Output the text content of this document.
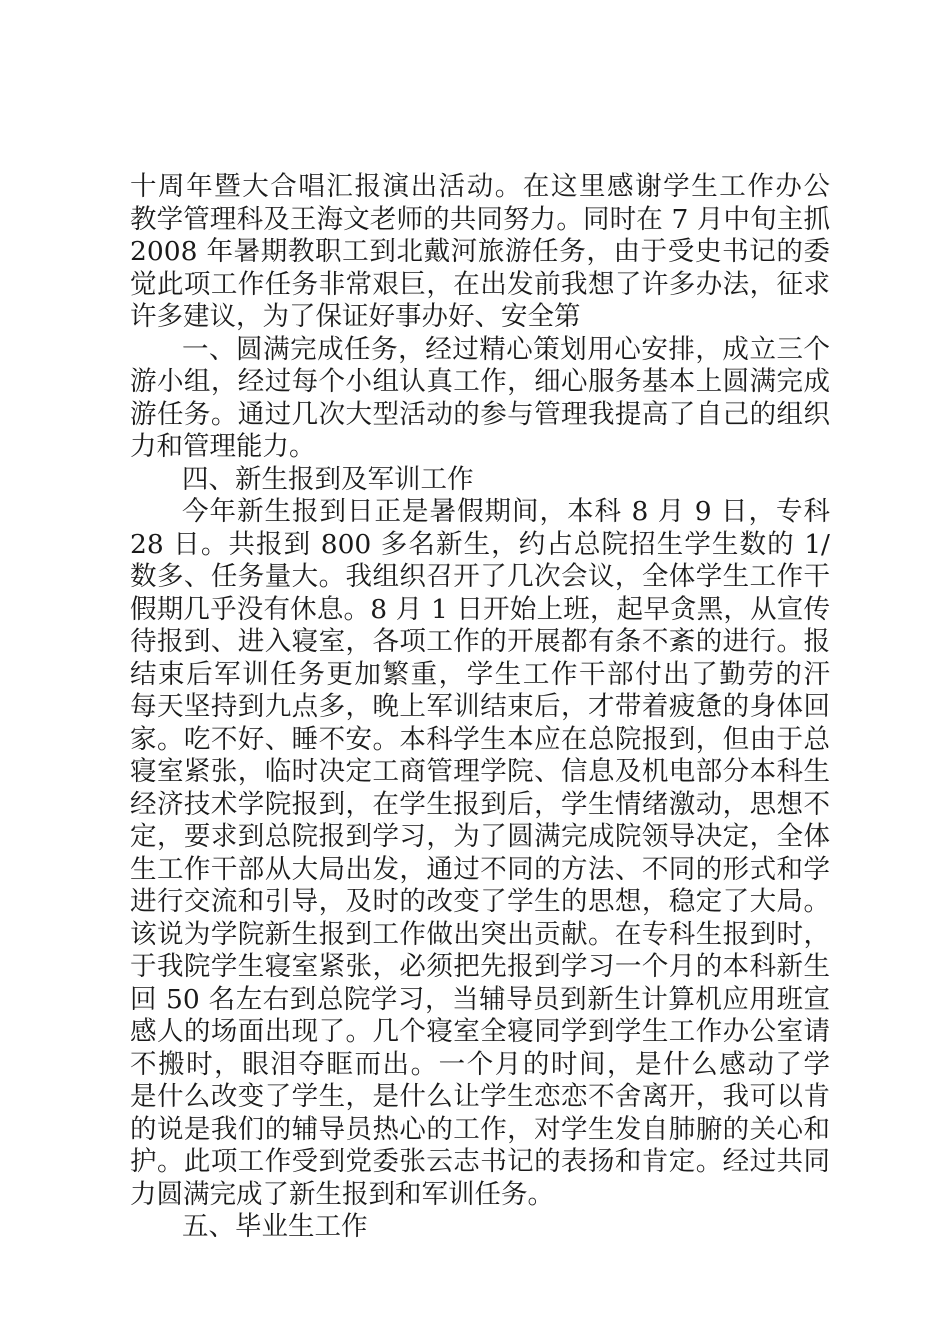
十周年暨大合唱汇报演出活动。在这里感谢学生工作办公
教学管理科及王海文老师的共同努力。同时在 7 月中旬主抓
2008 年暑期教职工到北戴河旅游任务，由于受史书记的委
觉此项工作任务非常艰巨，在出发前我想了许多办法，征求
许多建议，为了保证好事办好、安全第
一、圆满完成任务，经过精心策划用心安排，成立三个
游小组，经过每个小组认真工作，细心服务基本上圆满完成
游任务。通过几次大型活动的参与管理我提高了自己的组织
力和管理能力。
四、新生报到及军训工作
今年新生报到日正是暑假期间，本科 8 月 9 日，专科
28 日。共报到 800 多名新生，约占总院招生学生数的 1/
数多、任务量大。我组织召开了几次会议，全体学生工作干
假期几乎没有休息。8 月 1 日开始上班，起早贪黑，从宣传
待报到、进入寝室，各项工作的开展都有条不紊的进行。报
结束后军训任务更加繁重，学生工作干部付出了勤劳的汗
每天坚持到九点多，晚上军训结束后，才带着疲惫的身体回
家。吃不好、睡不安。本科学生本应在总院报到，但由于总
寝室紧张，临时决定工商管理学院、信息及机电部分本科生
经济技术学院报到，在学生报到后，学生情绪激动，思想不
定，要求到总院报到学习，为了圆满完成院领导决定，全体
生工作干部从大局出发，通过不同的方法、不同的形式和学
进行交流和引导，及时的改变了学生的思想，稳定了大局。
该说为学院新生报到工作做出突出贡献。在专科生报到时，
于我院学生寝室紧张，必须把先报到学习一个月的本科新生
回 50 名左右到总院学习，当辅导员到新生计算机应用班宣
感人的场面出现了。几个寝室全寝同学到学生工作办公室请
不搬时，眼泪夺眶而出。一个月的时间，是什么感动了学
是什么改变了学生，是什么让学生恋恋不舍离开，我可以肯
的说是我们的辅导员热心的工作，对学生发自肺腑的关心和
护。此项工作受到党委张云志书记的表扬和肯定。经过共同
力圆满完成了新生报到和军训任务。
五、毕业生工作
